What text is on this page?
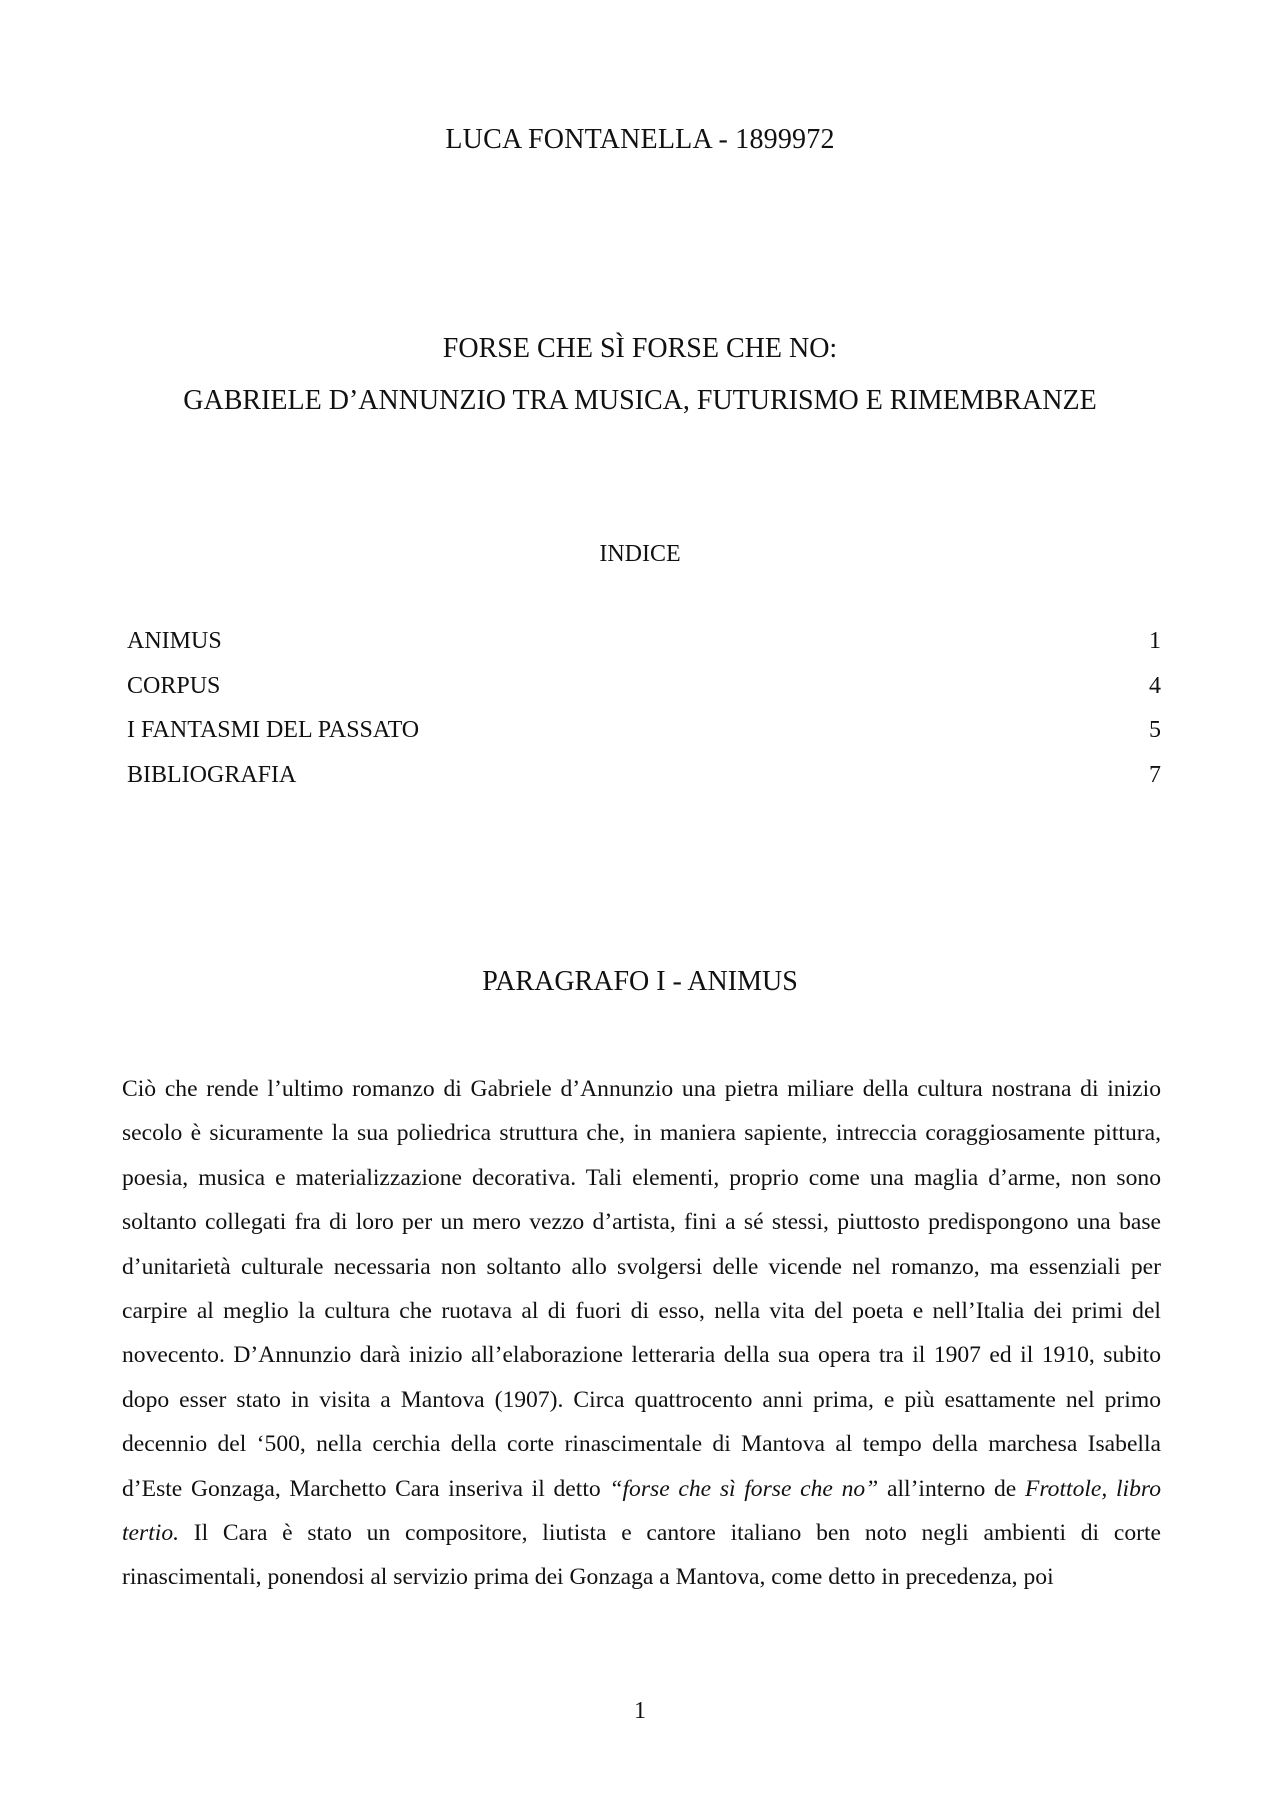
LUCA FONTANELLA - 1899972
FORSE CHE SÌ FORSE CHE NO:
GABRIELE D’ANNUNZIO TRA MUSICA, FUTURISMO E RIMEMBRANZE
INDICE
ANIMUS	1
CORPUS	4
I FANTASMI DEL PASSATO	5
BIBLIOGRAFIA	7
PARAGRAFO I - ANIMUS

Ciò che rende l’ultimo romanzo di Gabriele d’Annunzio una pietra miliare della cultura nostrana di inizio secolo è sicuramente la sua poliedrica struttura che, in maniera sapiente, intreccia coraggiosamente pittura, poesia, musica e materializzazione decorativa. Tali elementi, proprio come una maglia d’arme, non sono soltanto collegati fra di loro per un mero vezzo d’artista, fini a sé stessi, piuttosto predispongono una base d’unitarietà culturale necessaria non soltanto allo svolgersi delle vicende nel romanzo, ma essenziali per carpire al meglio la cultura che ruotava al di fuori di esso, nella vita del poeta e nell’Italia dei primi del novecento. D’Annunzio darà inizio all’elaborazione letteraria della sua opera tra il 1907 ed il 1910, subito dopo esser stato in visita a Mantova (1907). Circa quattrocento anni prima, e più esattamente nel primo decennio del ‘500, nella cerchia della corte rinascimentale di Mantova al tempo della marchesa Isabella d’Este Gonzaga, Marchetto Cara inseriva il detto “forse che sì forse che no” all’interno de Frottole, libro tertio. Il Cara è stato un compositore, liutista e cantore italiano ben noto negli ambienti di corte rinascimentali, ponendosi al servizio prima dei Gonzaga a Mantova, come detto in precedenza, poi

1
